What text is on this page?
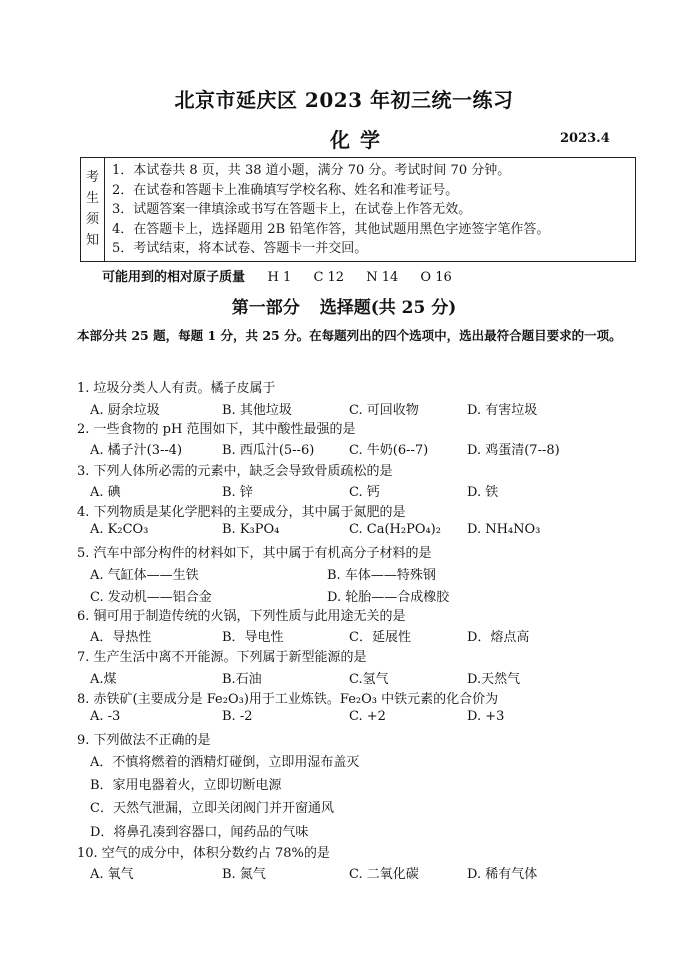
北京市延庆区 2023 年初三统一练习
化学	2023.4
考
生
须
知
1．本试卷共 8 页，共 38 道小题，满分 70 分。考试时间 70 分钟。
2．在试卷和答题卡上准确填写学校名称、姓名和准考证号。
3．试题答案一律填涂或书写在答题卡上，在试卷上作答无效。
4．在答题卡上，选择题用 2B 铅笔作答，其他试题用黑色字迹签字笔作答。
5．考试结束，将本试卷、答题卡一并交回。
可能用到的相对原子质量 H 1 C 12 N 14 O 16
第一部分 选择题(共 25 分)
本部分共 25 题，每题 1 分，共 25 分。在每题列出的四个选项中，选出最符合题目要求的一项。
1. 垃圾分类人人有责。橘子皮属于
A. 厨余垃圾	B. 其他垃圾	C. 可回收物	D. 有害垃圾
2. 一些食物的 pH 范围如下，其中酸性最强的是
A. 橘子汁(3--4)	B. 西瓜汁(5--6)	C. 牛奶(6--7)	D. 鸡蛋清(7--8)
3. 下列人体所必需的元素中，缺乏会导致骨质疏松的是
A. 碘	B. 锌	C. 钙	D. 铁
4. 下列物质是某化学肥料的主要成分，其中属于氮肥的是
A. K₂CO₃	B. K₃PO₄	C. Ca(H₂PO₄)₂ D. NH₄NO₃
5. 汽车中部分构件的材料如下，其中属于有机高分子材料的是
A. 气缸体——生铁	B. 车体——特殊钢
C. 发动机——铝合金	D. 轮胎——合成橡胶
6. 铜可用于制造传统的火锅，下列性质与此用途无关的是
A．导热性	B．导电性	C．延展性	D．熔点高
7. 生产生活中离不开能源。下列属于新型能源的是
A.煤	B.石油	C.氢气	D.天然气
8. 赤铁矿(主要成分是 Fe₂O₃)用于工业炼铁。Fe₂O₃ 中铁元素的化合价为
A. -3	B. -2	C. +2	D. +3
9. 下列做法不正确的是
A．不慎将燃着的酒精灯碰倒，立即用湿布盖灭
B．家用电器着火，立即切断电源
C．天然气泄漏，立即关闭阀门并开窗通风
D．将鼻孔凑到容器口，闻药品的气味
10. 空气的成分中，体积分数约占 78%的是
A. 氧气	B. 氮气	C. 二氧化碳	D. 稀有气体
